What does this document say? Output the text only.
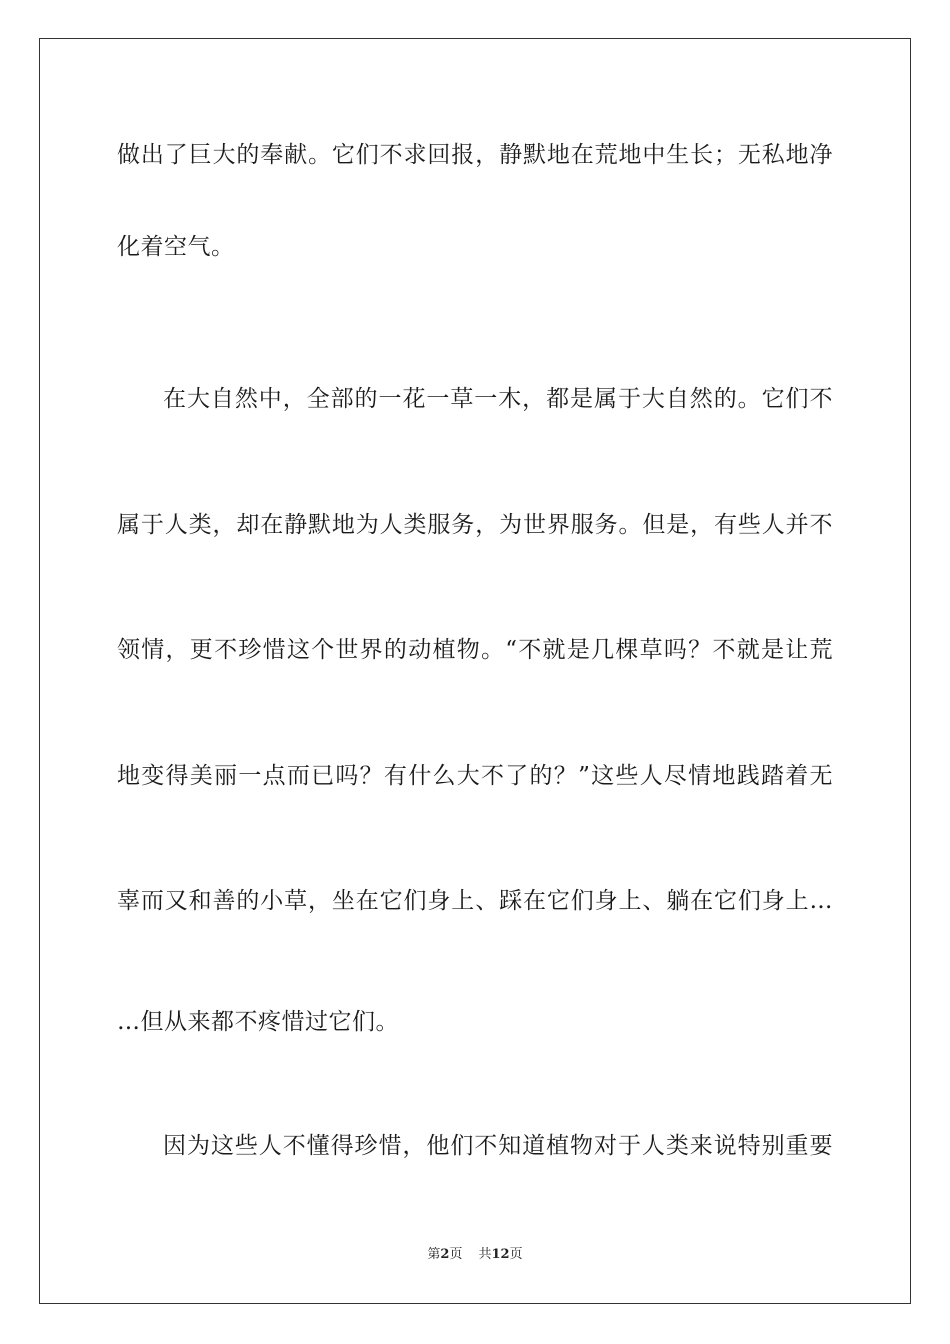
做出了巨大的奉献。它们不求回报，静默地在荒地中生长；无私地净
化着空气。
在大自然中，全部的一花一草一木，都是属于大自然的。它们不
属于人类，却在静默地为人类服务，为世界服务。但是，有些人并不
领情，更不珍惜这个世界的动植物。“不就是几棵草吗？不就是让荒
地变得美丽一点而已吗？有什么大不了的？”这些人尽情地践踏着无
辜而又和善的小草，坐在它们身上、踩在它们身上、躺在它们身上…
…但从来都不疼惜过它们。
因为这些人不懂得珍惜，他们不知道植物对于人类来说特别重要
第2页 共12页
